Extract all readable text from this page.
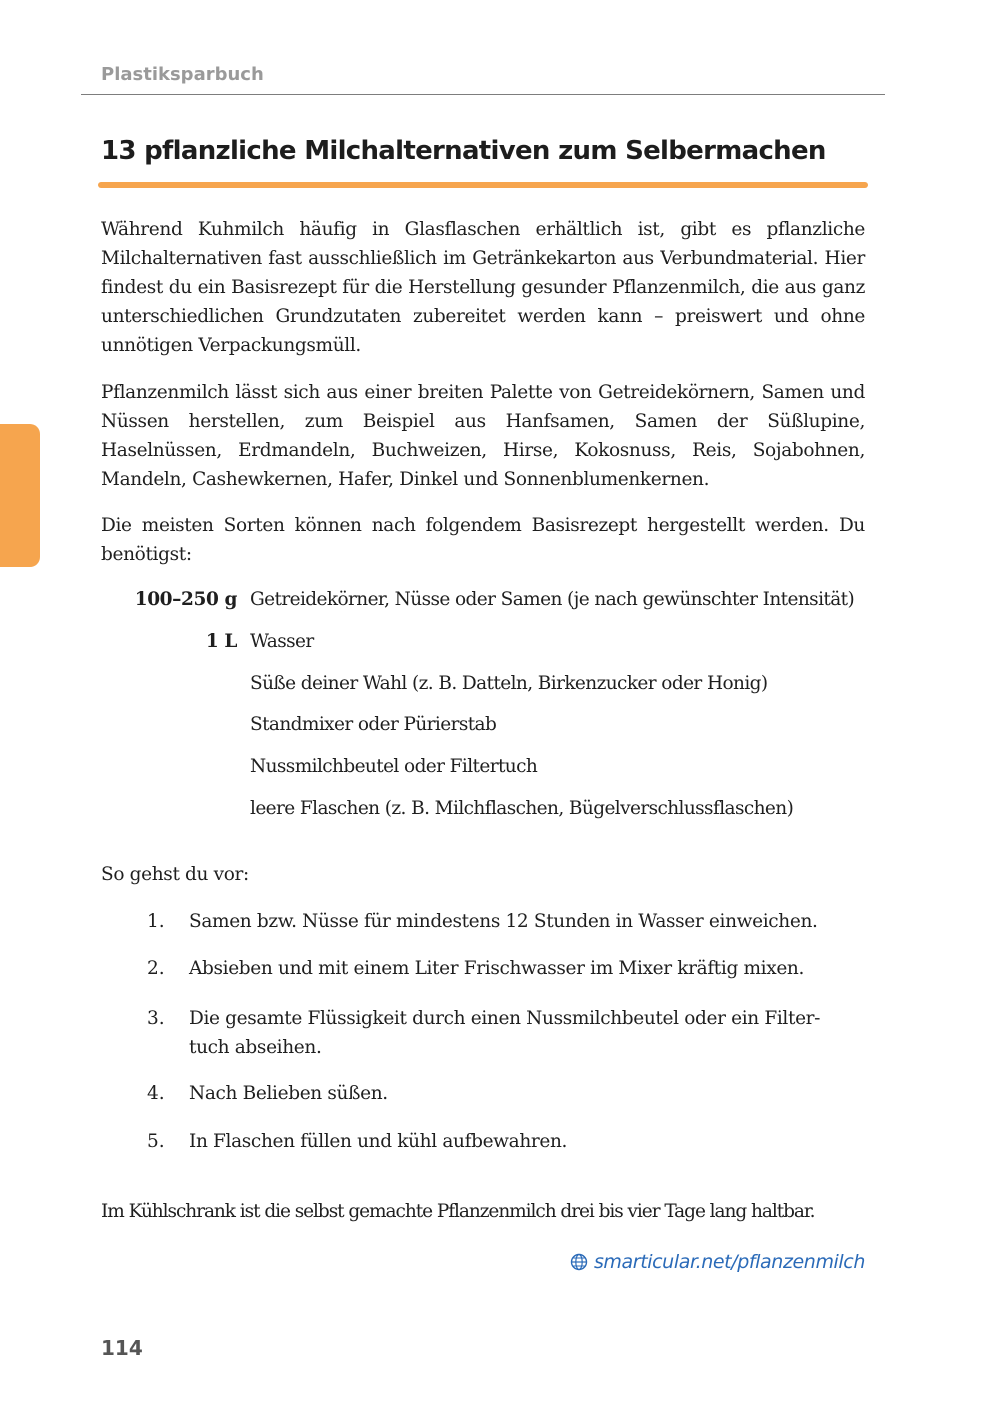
Plastiksparbuch
13 pflanzliche Milchalternativen zum Selbermachen

Während Kuhmilch häufig in Glasflaschen erhältlich ist, gibt es pflanzliche Milchalternativen fast ausschließlich im Getränkekarton aus Verbundmaterial. Hier findest du ein Basisrezept für die Herstellung gesunder Pflanzenmilch, die aus ganz unterschiedlichen Grundzutaten zubereitet werden kann – preiswert und ohne unnötigen Verpackungsmüll.

Pflanzenmilch lässt sich aus einer breiten Palette von Getreidekörnern, Samen und Nüssen herstellen, zum Beispiel aus Hanfsamen, Samen der Süßlupine, Haselnüssen, Erdmandeln, Buchweizen, Hirse, Kokosnuss, Reis, Sojabohnen, Mandeln, Cashewkernen, Hafer, Dinkel und Sonnenblumenkernen.

Die meisten Sorten können nach folgendem Basisrezept hergestellt werden. Du benötigst:

100–250 g Getreidekörner, Nüsse oder Samen (je nach gewünschter Intensität)
1 L Wasser
Süße deiner Wahl (z. B. Datteln, Birkenzucker oder Honig)
Standmixer oder Pürierstab
Nussmilchbeutel oder Filtertuch
leere Flaschen (z. B. Milchflaschen, Bügelverschlussflaschen)
So gehst du vor:
1. Samen bzw. Nüsse für mindestens 12 Stunden in Wasser einweichen.
2. Absieben und mit einem Liter Frischwasser im Mixer kräftig mixen.
3. Die gesamte Flüssigkeit durch einen Nussmilchbeutel oder ein Filter-tuch abseihen.
4. Nach Belieben süßen.
5. In Flaschen füllen und kühl aufbewahren.
Im Kühlschrank ist die selbst gemachte Pflanzenmilch drei bis vier Tage lang haltbar.
smarticular.net/pflanzenmilch
114
